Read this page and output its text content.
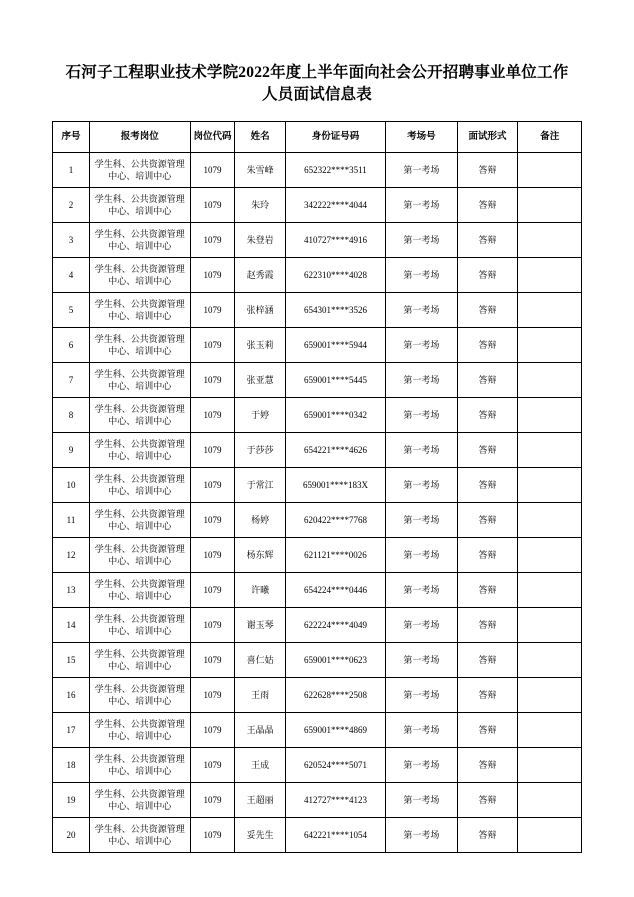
石河子工程职业技术学院2022年度上半年面向社会公开招聘事业单位工作人员面试信息表
序号	报考岗位	岗位代码	姓名	身份证号码	考场号	面试形式	备注
1	学生科、公共资源管理中心、培训中心	1079	朱雪峰	652322****3511	第一考场	答辩	
2	学生科、公共资源管理中心、培训中心	1079	朱玲	342222****4044	第一考场	答辩	
3	学生科、公共资源管理中心、培训中心	1079	朱登岩	410727****4916	第一考场	答辩	
4	学生科、公共资源管理中心、培训中心	1079	赵秀霞	622310****4028	第一考场	答辩	
5	学生科、公共资源管理中心、培训中心	1079	张梓涵	654301****3526	第一考场	答辩	
6	学生科、公共资源管理中心、培训中心	1079	张玉莉	659001****5944	第一考场	答辩	
7	学生科、公共资源管理中心、培训中心	1079	张亚慧	659001****5445	第一考场	答辩	
8	学生科、公共资源管理中心、培训中心	1079	于婷	659001****0342	第一考场	答辩	
9	学生科、公共资源管理中心、培训中心	1079	于莎莎	654221****4626	第一考场	答辩	
10	学生科、公共资源管理中心、培训中心	1079	于常江	659001****183X	第一考场	答辩	
11	学生科、公共资源管理中心、培训中心	1079	杨婷	620422****7768	第一考场	答辩	
12	学生科、公共资源管理中心、培训中心	1079	杨东辉	621121****0026	第一考场	答辩	
13	学生科、公共资源管理中心、培训中心	1079	许曦	654224****0446	第一考场	答辩	
14	学生科、公共资源管理中心、培训中心	1079	谢玉琴	622224****4049	第一考场	答辩	
15	学生科、公共资源管理中心、培训中心	1079	喜仁姑	659001****0623	第一考场	答辩	
16	学生科、公共资源管理中心、培训中心	1079	王雨	622628****2508	第一考场	答辩	
17	学生科、公共资源管理中心、培训中心	1079	王晶晶	659001****4869	第一考场	答辩	
18	学生科、公共资源管理中心、培训中心	1079	王成	620524****5071	第一考场	答辩	
19	学生科、公共资源管理中心、培训中心	1079	王超丽	412727****4123	第一考场	答辩	
20	学生科、公共资源管理中心、培训中心	1079	妥先生	642221****1054	第一考场	答辩	
